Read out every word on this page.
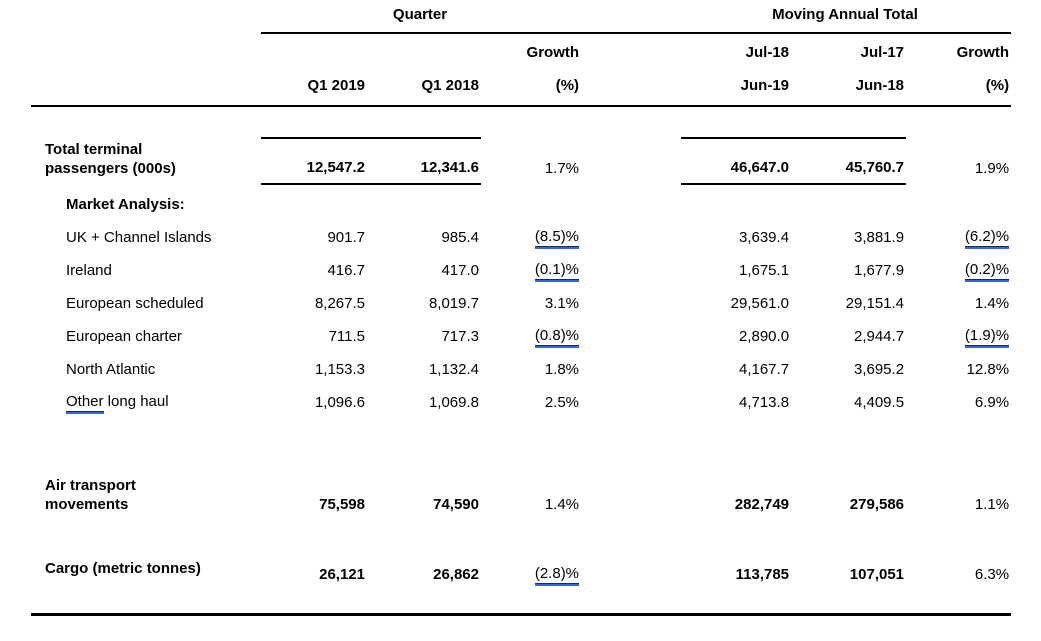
	Quarter				Moving Annual Total		
			Growth		Jul-18	Jul-17	Growth
	Q1 2019	Q1 2018	(%)		Jun-19	Jun-18	(%)

Total terminal
passengers (000s)	12,547.2	12,341.6	1.7%		46,647.0	45,760.7	1.9%
Market Analysis:							
UK + Channel Islands	901.7	985.4	(8.5)%		3,639.4	3,881.9	(6.2)%
Ireland	416.7	417.0	(0.1)%		1,675.1	1,677.9	(0.2)%
European scheduled	8,267.5	8,019.7	3.1%		29,561.0	29,151.4	1.4%
European charter	711.5	717.3	(0.8)%		2,890.0	2,944.7	(1.9)%
North Atlantic	1,153.3	1,132.4	1.8%		4,167.7	3,695.2	12.8%
Other long haul	1,096.6	1,069.8	2.5%		4,713.8	4,409.5	6.9%

Air transport
movements	75,598	74,590	1.4%		282,749	279,586	1.1%

Cargo (metric tonnes)	26,121	26,862	(2.8)%		113,785	107,051	6.3%
